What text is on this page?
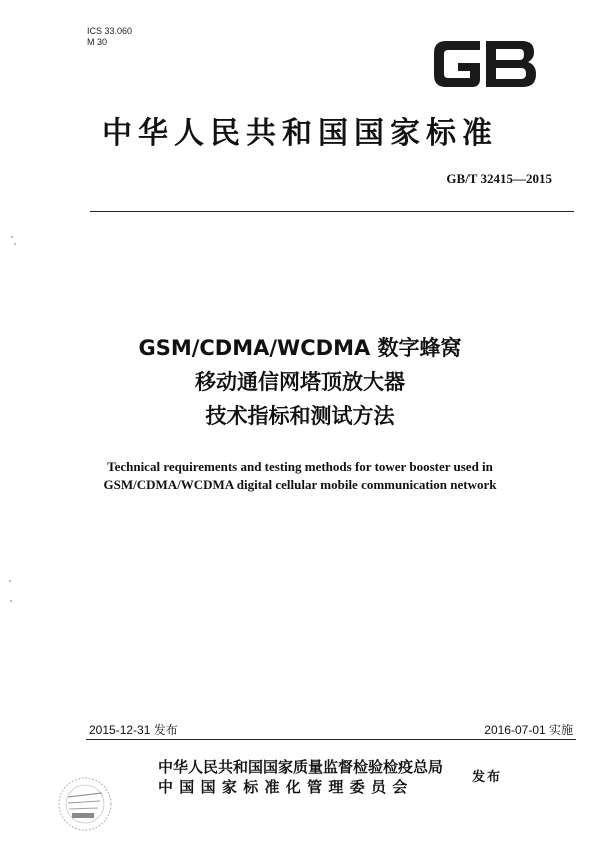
ICS 33.060
M 30
中华人民共和国国家标准
GB/T 32415—2015
GSM/CDMA/WCDMA 数字蜂窝
移动通信网塔顶放大器
技术指标和测试方法
Technical requirements and testing methods for tower booster used in
GSM/CDMA/WCDMA digital cellular mobile communication network
2015-12-31 发布	2016-07-01 实施
中华人民共和国国家质量监督检验检疫总局
中国国家标准化管理委员会
发布
